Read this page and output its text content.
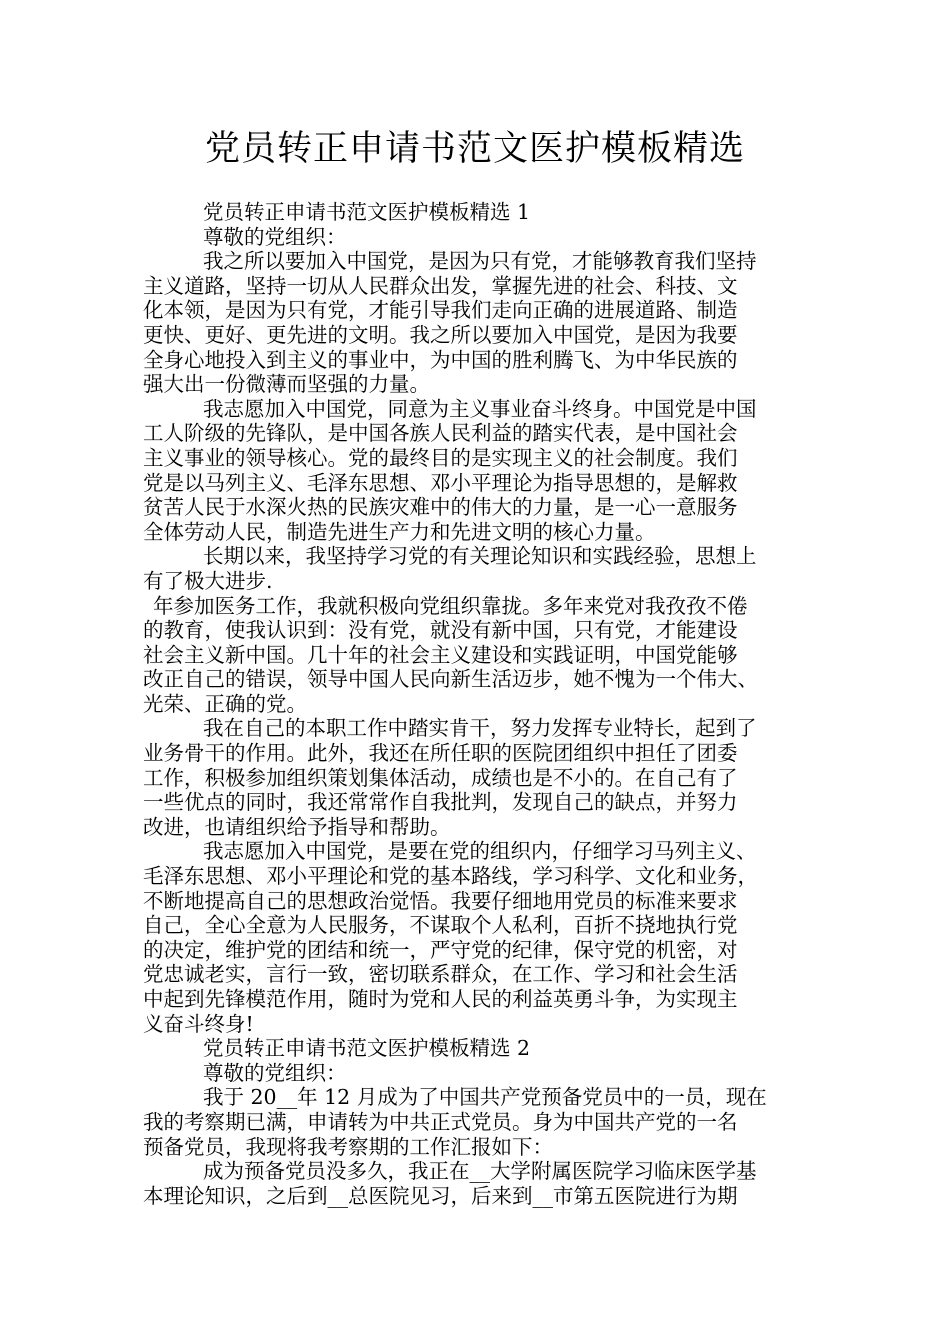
党员转正申请书范文医护模板精选
党员转正申请书范文医护模板精选 1
尊敬的党组织：
我之所以要加入中国党，是因为只有党，才能够教育我们坚持
主义道路，坚持一切从人民群众出发，掌握先进的社会、科技、文
化本领，是因为只有党，才能引导我们走向正确的进展道路、制造
更快、更好、更先进的文明。我之所以要加入中国党，是因为我要
全身心地投入到主义的事业中，为中国的胜利腾飞、为中华民族的
强大出一份微薄而坚强的力量。
我志愿加入中国党，同意为主义事业奋斗终身。中国党是中国
工人阶级的先锋队，是中国各族人民利益的踏实代表，是中国社会
主义事业的领导核心。党的最终目的是实现主义的社会制度。我们
党是以马列主义、毛泽东思想、邓小平理论为指导思想的，是解救
贫苦人民于水深火热的民族灾难中的伟大的力量，是一心一意服务
全体劳动人民，制造先进生产力和先进文明的核心力量。
长期以来，我坚持学习党的有关理论知识和实践经验，思想上
有了极大进步.
年参加医务工作，我就积极向党组织靠拢。多年来党对我孜孜不倦
的教育，使我认识到：没有党，就没有新中国，只有党，才能建设
社会主义新中国。几十年的社会主义建设和实践证明，中国党能够
改正自己的错误，领导中国人民向新生活迈步，她不愧为一个伟大、
光荣、正确的党。
我在自己的本职工作中踏实肯干，努力发挥专业特长，起到了
业务骨干的作用。此外，我还在所任职的医院团组织中担任了团委
工作，积极参加组织策划集体活动，成绩也是不小的。在自己有了
一些优点的同时，我还常常作自我批判，发现自己的缺点，并努力
改进，也请组织给予指导和帮助。
我志愿加入中国党，是要在党的组织内，仔细学习马列主义、
毛泽东思想、邓小平理论和党的基本路线，学习科学、文化和业务，
不断地提高自己的思想政治觉悟。我要仔细地用党员的标准来要求
自己，全心全意为人民服务，不谋取个人私利，百折不挠地执行党
的决定，维护党的团结和统一，严守党的纪律，保守党的机密，对
党忠诚老实，言行一致，密切联系群众，在工作、学习和社会生活
中起到先锋模范作用，随时为党和人民的利益英勇斗争，为实现主
义奋斗终身!
党员转正申请书范文医护模板精选 2
尊敬的党组织：
我于 20__年 12 月成为了中国共产党预备党员中的一员，现在
我的考察期已满，申请转为中共正式党员。身为中国共产党的一名
预备党员，我现将我考察期的工作汇报如下：
成为预备党员没多久，我正在__大学附属医院学习临床医学基
本理论知识，之后到__总医院见习，后来到__市第五医院进行为期
